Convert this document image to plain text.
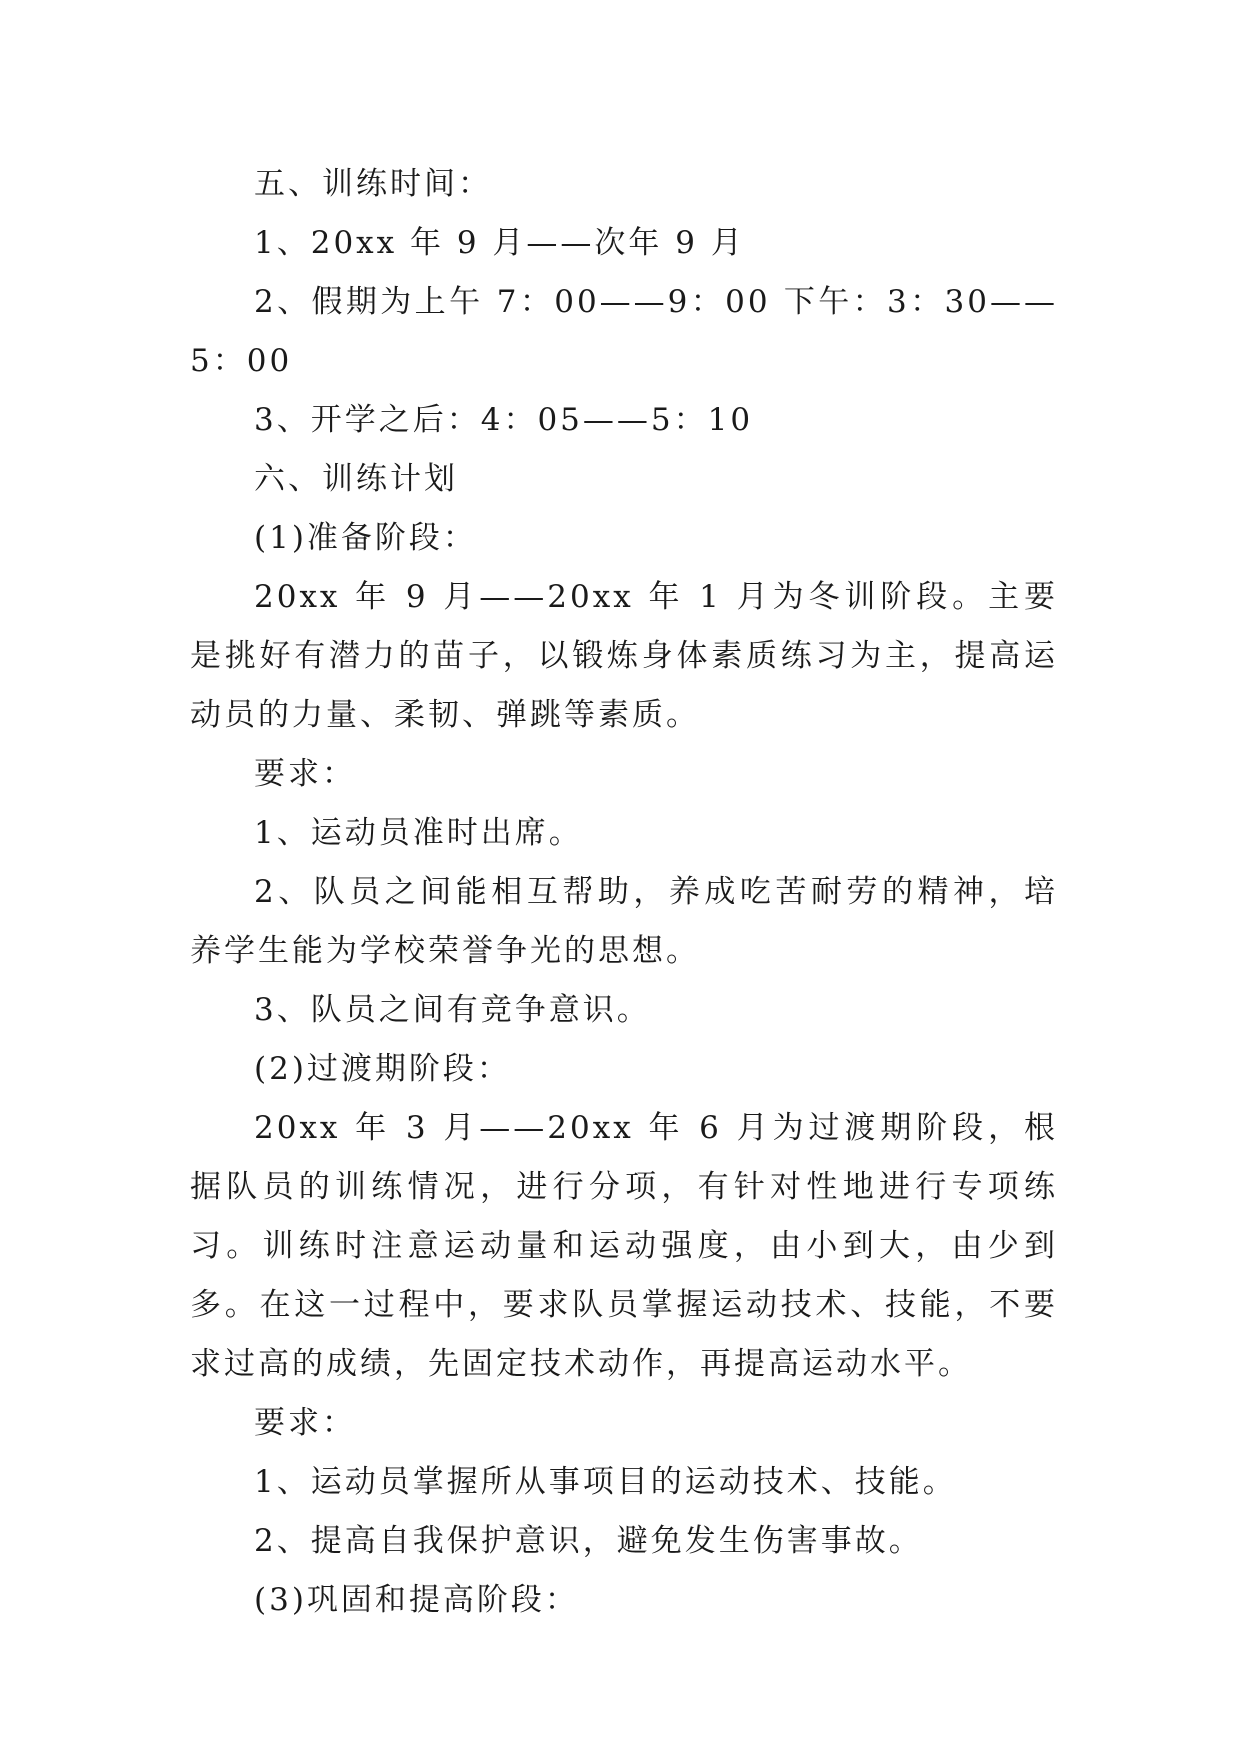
五、训练时间：

1、20xx 年 9 月——次年 9 月

2、假期为上午 7：00——9：00 下午：3：30——5：00

3、开学之后：4：05——5：10

六、训练计划

(1)准备阶段：

20xx 年 9 月——20xx 年 1 月为冬训阶段。主要是挑好有潜力的苗子，以锻炼身体素质练习为主，提高运动员的力量、柔韧、弹跳等素质。

要求：

1、运动员准时出席。

2、队员之间能相互帮助，养成吃苦耐劳的精神，培养学生能为学校荣誉争光的思想。

3、队员之间有竞争意识。

(2)过渡期阶段：

20xx 年 3 月——20xx 年 6 月为过渡期阶段，根据队员的训练情况，进行分项，有针对性地进行专项练习。训练时注意运动量和运动强度，由小到大，由少到多。在这一过程中，要求队员掌握运动技术、技能，不要求过高的成绩，先固定技术动作，再提高运动水平。

要求：

1、运动员掌握所从事项目的运动技术、技能。

2、提高自我保护意识，避免发生伤害事故。

(3)巩固和提高阶段：
